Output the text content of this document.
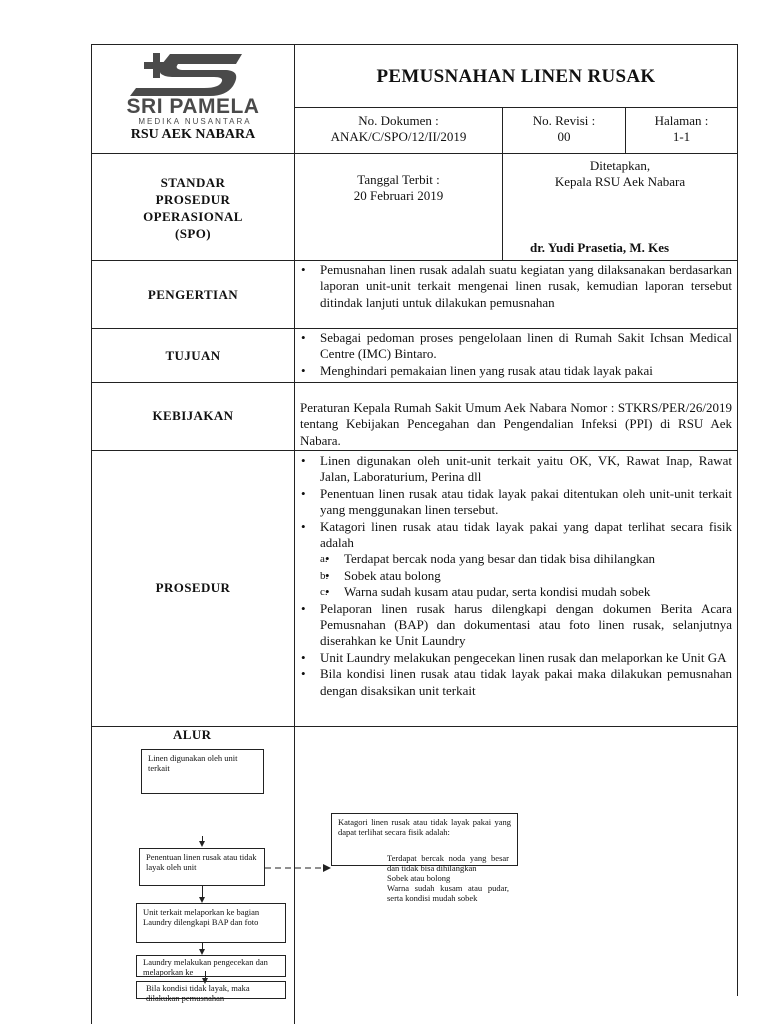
SRI PAMELA
MEDIKA NUSANTARA
RSU AEK NABARA
PEMUSNAHAN LINEN RUSAK
No. Dokumen :
ANAK/C/SPO/12/II/2019
No. Revisi :
00
Halaman :
1-1
STANDAR
PROSEDUR
OPERASIONAL
(SPO)
Tanggal Terbit :
20 Februari 2019
Ditetapkan,
Kepala RSU Aek Nabara
dr. Yudi Prasetia, M. Kes
PENGERTIAN
• Pemusnahan linen rusak adalah suatu kegiatan yang dilaksanakan berdasarkan laporan unit-unit terkait mengenai linen rusak, kemudian laporan tersebut ditindak lanjuti untuk dilakukan pemusnahan
TUJUAN
• Sebagai pedoman proses pengelolaan linen di Rumah Sakit Ichsan Medical Centre (IMC) Bintaro.
• Menghindari pemakaian linen yang rusak atau tidak layak pakai
KEBIJAKAN
Peraturan Kepala Rumah Sakit Umum Aek Nabara Nomor : STKRS/PER/26/2019 tentang Kebijakan Pencegahan dan Pengendalian Infeksi (PPI) di RSU Aek Nabara.
PROSEDUR
• Linen digunakan oleh unit-unit terkait yaitu OK, VK, Rawat Inap, Rawat Jalan, Laboraturium, Perina dll
• Penentuan linen rusak atau tidak layak pakai ditentukan oleh unit-unit terkait yang menggunakan linen tersebut.
• Katagori linen rusak atau tidak layak pakai yang dapat terlihat secara fisik adalah
• a. Terdapat bercak noda yang besar dan tidak bisa dihilangkan
• b. Sobek atau bolong
• c. Warna sudah kusam atau pudar, serta kondisi mudah sobek
• Pelaporan linen rusak harus dilengkapi dengan dokumen Berita Acara Pemusnahan (BAP) dan dokumentasi atau foto linen rusak, selanjutnya diserahkan ke Unit Laundry
• Unit Laundry melakukan pengecekan linen rusak dan melaporkan ke Unit GA
• Bila kondisi linen rusak atau tidak layak pakai maka dilakukan pemusnahan dengan disaksikan unit terkait
ALUR
Linen digunakan oleh unit terkait
Penentuan linen rusak atau tidak layak oleh unit
Unit terkait melaporkan ke bagian Laundry dilengkapi BAP dan foto
Laundry melakukan pengecekan dan melaporkan ke
Bila kondisi tidak layak, maka dilakukan pemusnahan
Katagori linen rusak atau tidak layak pakai yang dapat terlihat secara fisik adalah:
Terdapat bercak noda yang besar dan tidak bisa dihilangkan
Sobek atau bolong
Warna sudah kusam atau pudar, serta kondisi mudah sobek
